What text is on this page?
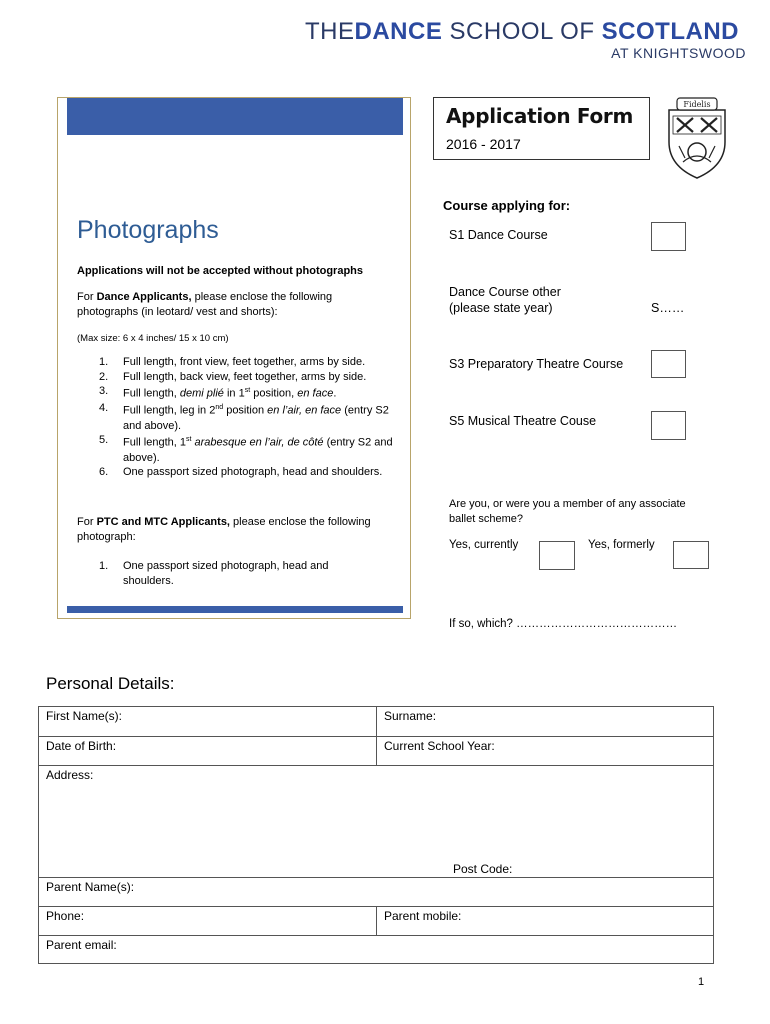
THEDANCE SCHOOL OF SCOTLAND
AT KNIGHTSWOOD
Photographs
Applications will not be accepted without photographs
For Dance Applicants, please enclose the following photographs (in leotard/ vest and shorts):
(Max size: 6 x 4 inches/ 15 x 10 cm)
1. Full length, front view, feet together, arms by side.
2. Full length, back view, feet together, arms by side.
3. Full length, demi plié in 1st position, en face.
4. Full length, leg in 2nd position en l’air, en face (entry S2 and above).
5. Full length, 1st arabesque en l’air, de côté (entry S2 and above).
6. One passport sized photograph, head and shoulders.
For PTC and MTC Applicants, please enclose the following photograph:
1. One passport sized photograph, head and shoulders.
Application Form
2016 - 2017
Fidelis
Course applying for:
S1 Dance Course
Dance Course other
(please state year)	S……
S3 Preparatory Theatre Course
S5 Musical Theatre Couse
Are you, or were you a member of any associate ballet scheme?
Yes, currently	Yes, formerly
If so, which? ……………………………………
Personal Details:
First Name(s):	Surname:
Date of Birth:	Current School Year:
Address:
Post Code:	

Parent Name(s):	
Phone:	Parent mobile:
Parent email:	
1
